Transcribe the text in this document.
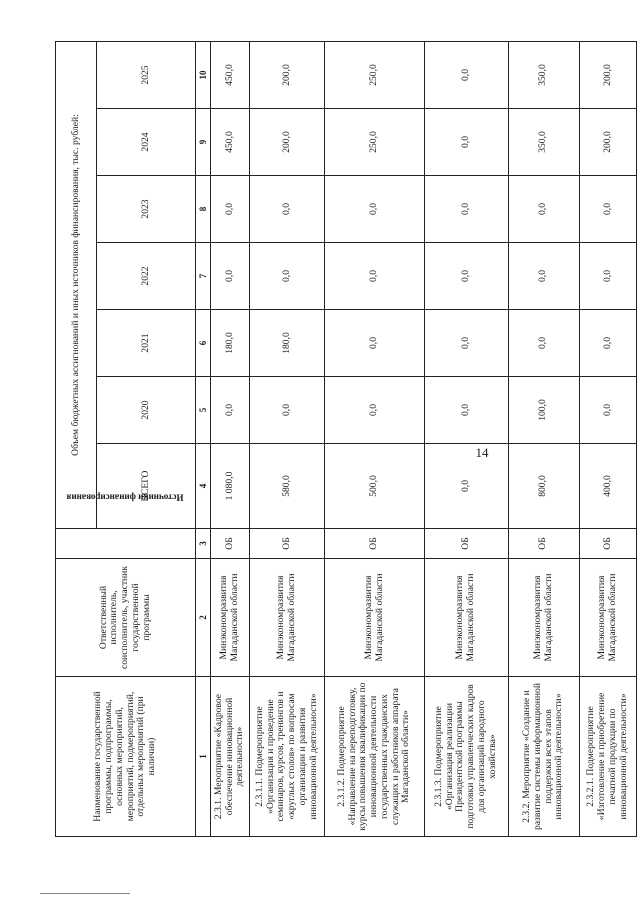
14
Наименование государственной программы, подпрограммы, основных мероприятий, мероприятий, подмероприятий, отдельных мероприятий (при наличии)	Ответственный исполнитель, соисполнитель, участник государственной программы	Источники финансирования	Объем бюджетных ассигнований и иных источников финансирования, тыс. рублей:						
			ВСЕГО	2020	2021	2022	2023	2024	2025
1	2	3	4	5	6	7	8	9	10
2.3.1. Мероприятие «Кадровое обеспечение инновационной деятельности»	Минэкономразвития Магаданской области	ОБ	1 080,0	0,0	180,0	0,0	0,0	450,0	450,0
2.3.1.1. Подмероприятие «Организация и проведение семинаров, курсов, тренингов и «круглых столов» по вопросам организации и развития инновационной деятельности»	Минэкономразвития Магаданской области	ОБ	580,0	0,0	180,0	0,0	0,0	200,0	200,0
2.3.1.2. Подмероприятие «Направление на переподготовку, курсы повышения квалификации по инновационной деятельности государственных гражданских служащих и работников аппарата Магаданской области»	Минэкономразвития Магаданской области	ОБ	500,0	0,0	0,0	0,0	0,0	250,0	250,0
2.3.1.3. Подмероприятие «Организация реализации Президентской программы подготовки управленческих кадров для организаций народного хозяйства»	Минэкономразвития Магаданской области	ОБ	0,0	0,0	0,0	0,0	0,0	0,0	0,0
2.3.2. Мероприятие «Создание и развитие системы информационной поддержки всех этапов инновационной деятельности»	Минэкономразвития Магаданской области	ОБ	800,0	100,0	0,0	0,0	0,0	350,0	350,0
2.3.2.1. Подмероприятие «Изготовление и приобретение печатной продукции по инновационной деятельности»	Минэкономразвития Магаданской области	ОБ	400,0	0,0	0,0	0,0	0,0	200,0	200,0
